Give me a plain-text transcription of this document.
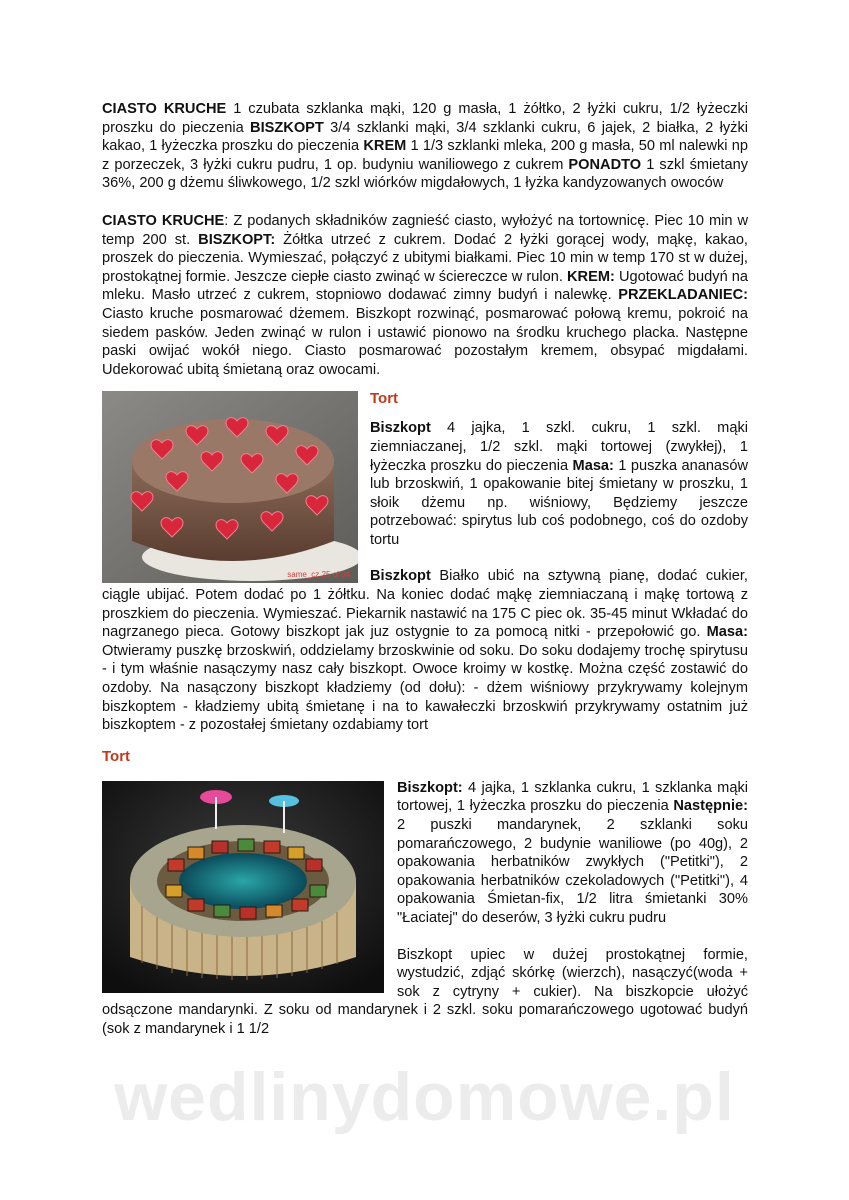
CIASTO KRUCHE 1 czubata szklanka mąki, 120 g masła, 1 żółtko, 2 łyżki cukru, 1/2 łyżeczki proszku do pieczenia BISZKOPT 3/4 szklanki mąki, 3/4 szklanki cukru, 6 jajek, 2 białka, 2 łyżki kakao, 1 łyżeczka proszku do pieczenia KREM 1 1/3 szklanki mleka, 200 g masła, 50 ml nalewki np z porzeczek, 3 łyżki cukru pudru, 1 op. budyniu waniliowego z cukrem PONADTO 1 szkl śmietany 36%, 200 g dżemu śliwkowego, 1/2 szkl wiórków migdałowych, 1 łyżka kandyzowanych owoców

CIASTO KRUCHE: Z podanych składników zagnieść ciasto, wyłożyć na tortownicę. Piec 10 min w temp 200 st. BISZKOPT: Żółtka utrzeć z cukrem. Dodać 2 łyżki gorącej wody, mąkę, kakao, proszek do pieczenia. Wymieszać, połączyć z ubitymi białkami. Piec 10 min w temp 170 st w dużej, prostokątnej formie. Jeszcze ciepłe ciasto zwinąć w ściereczce w rulon. KREM: Ugotować budyń na mleku. Masło utrzeć z cukrem, stopniowo dodawać zimny budyń i nalewkę. PRZEKLADANIEC: Ciasto kruche posmarować dżemem. Biszkopt rozwinąć, posmarować połową kremu, pokroić na siedem pasków. Jeden zwinąć w rulon i ustawić pionowo na środku kruchego placka. Następne paski owijać wokół niego. Ciasto posmarować pozostałym kremem, obsypać migdałami. Udekorować ubitą śmietaną oraz owocami.

same_cz 25 ol 04
Tort

Biszkopt 4 jajka, 1 szkl. cukru, 1 szkl. mąki ziemniaczanej, 1/2 szkl. mąki tortowej (zwykłej), 1 łyżeczka proszku do pieczenia Masa: 1 puszka ananasów lub brzoskwiń, 1 opakowanie bitej śmietany w proszku, 1 słoik dżemu np. wiśniowy, Będziemy jeszcze potrzebować: spirytus lub coś podobnego, coś do ozdoby tortu

Biszkopt Białko ubić na sztywną pianę, dodać cukier, ciągle ubijać. Potem dodać po 1 żółtku. Na koniec dodać mąkę ziemniaczaną i mąkę tortową z proszkiem do pieczenia. Wymieszać. Piekarnik nastawić na 175 C piec ok. 35-45 minut Wkładać do nagrzanego pieca. Gotowy biszkopt jak juz ostygnie to za pomocą nitki - przepołowić go. Masa: Otwieramy puszkę brzoskwiń, oddzielamy brzoskwinie od soku. Do soku dodajemy trochę spirytusu - i tym właśnie nasączymy nasz cały biszkopt. Owoce kroimy w kostkę. Można część zostawić do ozdoby. Na nasączony biszkopt kładziemy (od dołu): - dżem wiśniowy przykrywamy kolejnym biszkoptem - kładziemy ubitą śmietanę i na to kawałeczki brzoskwiń przykrywamy ostatnim już biszkoptem - z pozostałej śmietany ozdabiamy tort

Tort

Biszkopt: 4 jajka, 1 szklanka cukru, 1 szklanka mąki tortowej, 1 łyżeczka proszku do pieczenia Następnie: 2 puszki mandarynek, 2 szklanki soku pomarańczowego, 2 budynie waniliowe (po 40g), 2 opakowania herbatników zwykłych ("Petitki"), 2 opakowania herbatników czekoladowych ("Petitki"), 4 opakowania Śmietan-fix, 1/2 litra śmietanki 30% "Łaciatej" do deserów, 3 łyżki cukru pudru

Biszkopt upiec w dużej prostokątnej formie, wystudzić, zdjąć skórkę (wierzch), nasączyć(woda + sok z cytryny + cukier). Na biszkopcie ułożyć odsączone mandarynki. Z soku od mandarynek i 2 szkl. soku pomarańczowego ugotować budyń (sok z mandarynek i 1 1/2

wedlinydomowe.pl
